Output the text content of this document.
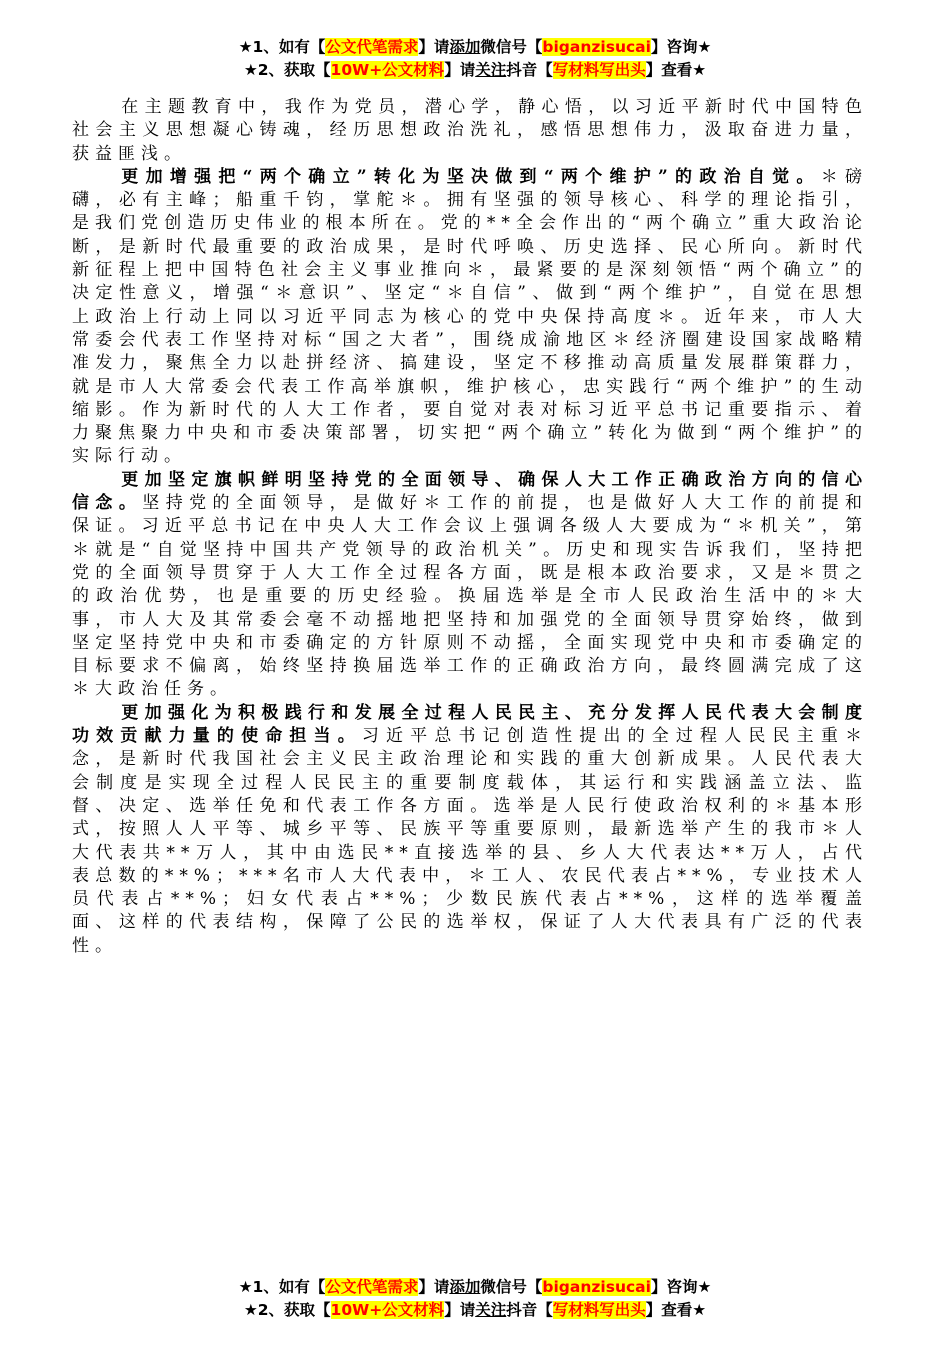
★1、如有【公文代笔需求】请添加微信号【biganzisucai】咨询★
★2、获取【10W+公文材料】请关注抖音【写材料写出头】查看★

在主题教育中，我作为党员，潜心学，静心悟，以习近平新时代中国特色社会主义思想凝心铸魂，经历思想政治洗礼，感悟思想伟力，汲取奋进力量，获益匪浅。

更加增强把“两个确立”转化为坚决做到“两个维护”的政治自觉。＊磅礴，必有主峰；船重千钧，掌舵＊。拥有坚强的领导核心、科学的理论指引，是我们党创造历史伟业的根本所在。党的**全会作出的“两个确立”重大政治论断，是新时代最重要的政治成果，是时代呼唤、历史选择、民心所向。新时代新征程上把中国特色社会主义事业推向＊，最紧要的是深刻领悟“两个确立”的决定性意义，增强“＊意识”、坚定“＊自信”、做到“两个维护”，自觉在思想上政治上行动上同以习近平同志为核心的党中央保持高度＊。近年来，市人大常委会代表工作坚持对标“国之大者”，围绕成渝地区＊经济圈建设国家战略精准发力，聚焦全力以赴拼经济、搞建设，坚定不移推动高质量发展群策群力，就是市人大常委会代表工作高举旗帜，维护核心，忠实践行“两个维护”的生动缩影。作为新时代的人大工作者，要自觉对表对标习近平总书记重要指示、着力聚焦聚力中央和市委决策部署，切实把“两个确立”转化为做到“两个维护”的实际行动。

更加坚定旗帜鲜明坚持党的全面领导、确保人大工作正确政治方向的信心信念。坚持党的全面领导，是做好＊工作的前提，也是做好人大工作的前提和保证。习近平总书记在中央人大工作会议上强调各级人大要成为“＊机关”，第＊就是“自觉坚持中国共产党领导的政治机关”。历史和现实告诉我们，坚持把党的全面领导贯穿于人大工作全过程各方面，既是根本政治要求，又是＊贯之的政治优势，也是重要的历史经验。换届选举是全市人民政治生活中的＊大事，市人大及其常委会毫不动摇地把坚持和加强党的全面领导贯穿始终，做到坚定坚持党中央和市委确定的方针原则不动摇，全面实现党中央和市委确定的目标要求不偏离，始终坚持换届选举工作的正确政治方向，最终圆满完成了这＊大政治任务。

更加强化为积极践行和发展全过程人民民主、充分发挥人民代表大会制度功效贡献力量的使命担当。习近平总书记创造性提出的全过程人民民主重＊念，是新时代我国社会主义民主政治理论和实践的重大创新成果。人民代表大会制度是实现全过程人民民主的重要制度载体，其运行和实践涵盖立法、监督、决定、选举任免和代表工作各方面。选举是人民行使政治权利的＊基本形式，按照人人平等、城乡平等、民族平等重要原则，最新选举产生的我市＊人大代表共**万人，其中由选民**直接选举的县、乡人大代表达**万人，占代表总数的**%；***名市人大代表中，＊工人、农民代表占**%，专业技术人员代表占**%；妇女代表占**%；少数民族代表占**%，这样的选举覆盖面、这样的代表结构，保障了公民的选举权，保证了人大代表具有广泛的代表性。

★1、如有【公文代笔需求】请添加微信号【biganzisucai】咨询★
★2、获取【10W+公文材料】请关注抖音【写材料写出头】查看★
